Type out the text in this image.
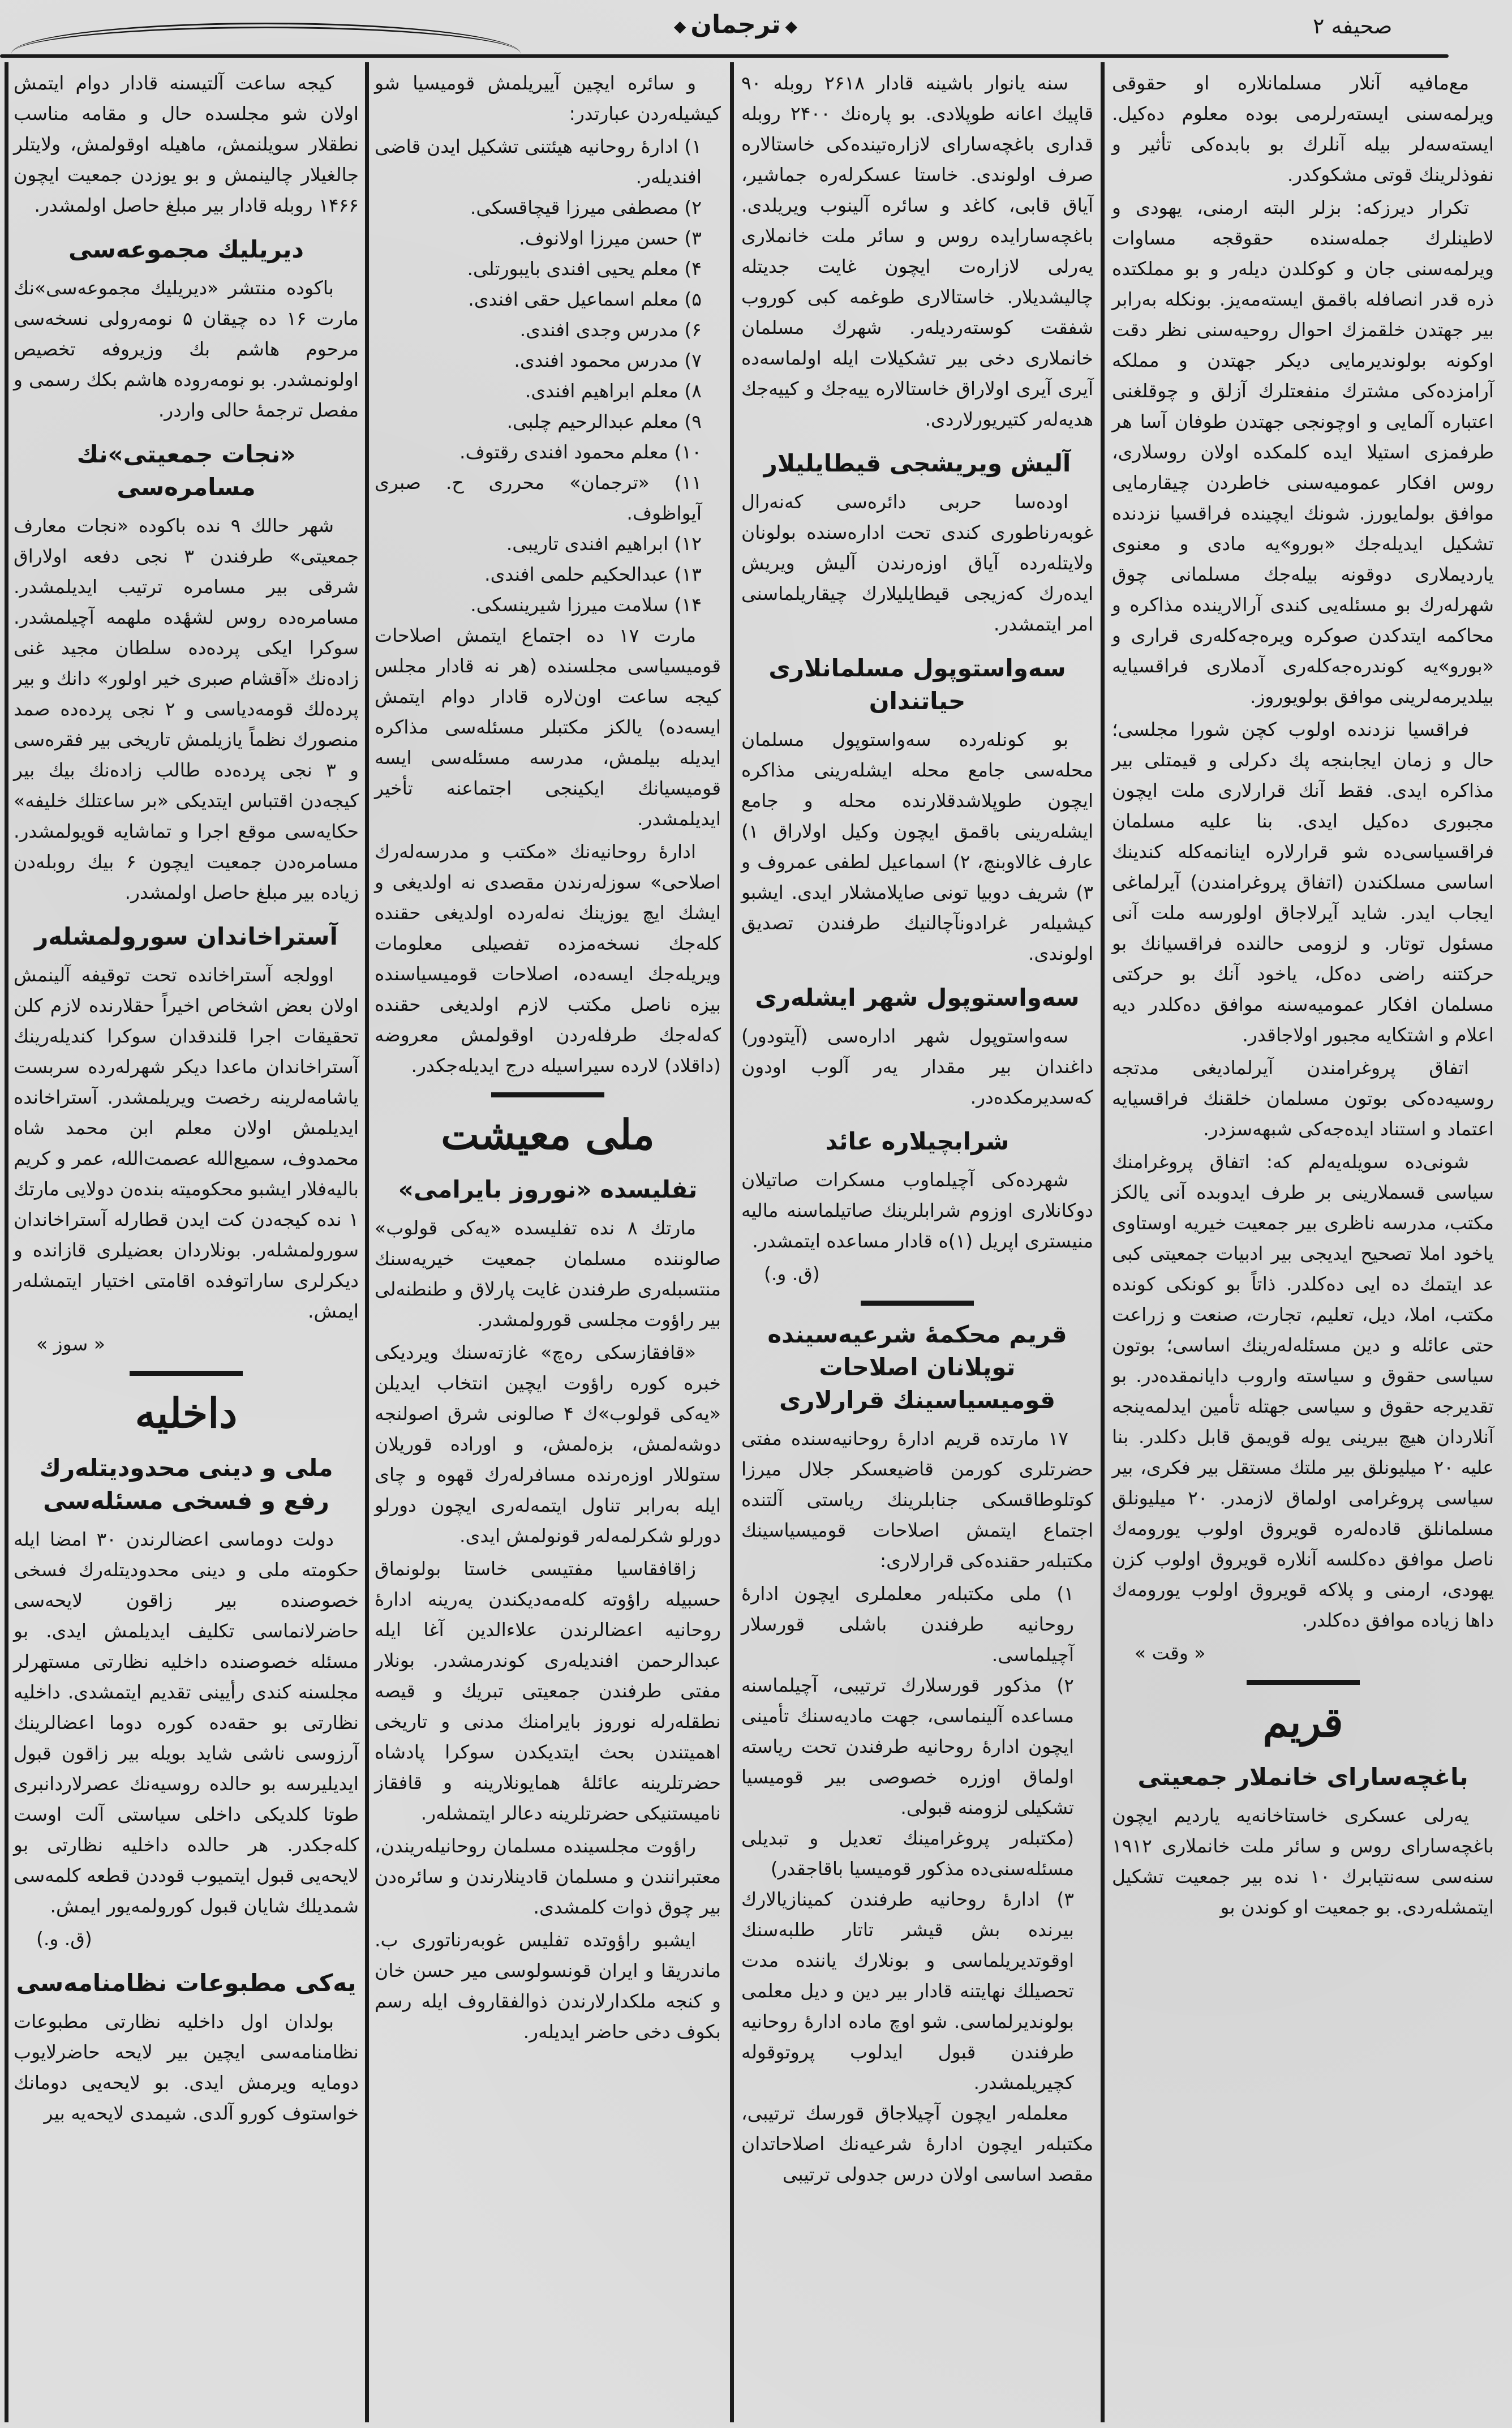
◆ ترجمان ◆	صحیفه ۲
مع‌مافیه آنلار مسلمانلاره او حقوقی ویرلمه‌سنی ایسته‌رلرمی بوده معلوم ده‌کیل. ایسته‌سه‌لر بیله آنلرك بو بابده‌کی تأثیر و نفوذلرینك قوتی مشکوکدر.
تکرار دیرزکه: بزلر البته ارمنی، یهودی و لاطینلرك جمله‌سنده حقوقجه مساوات ویرلمه‌سنی جان و کوکلدن دیلەر و بو مملکتده ذره قدر انصافله باقمق ایسته‌مه‌یز. بونکله بەرابر بیر جهتدن خلقمزك احوال روحیه‌سنی نظر دقت اوکونه بولوندیرمایی دیکر جهتدن و مملکه آرامزده‌کی مشترك منفعتلرك آزلق و چوقلغنی اعتباره آلمایی و اوچونجی جهتدن طوفان آسا هر طرفمزی استیلا ایده کلمکده اولان روسلاری، روس افکار عمومیه‌سنی خاطردن چیقارمایی موافق بولمایورز. شونك ایچینده فراقسیا نزدنده تشکیل ایدیله‌جك «بورو»یه مادی و معنوی یاردیملاری دوقونه بیله‌جك مسلمانی چوق شهرلەرك بو مسئله‌یی کندی آرالارینده مذاکره و محاکمه ایتدکدن صوکره ویره‌جه‌کلەری قراری و «بورو»یه کوندره‌جه‌کلەری آدملاری فراقسیایه بیلدیرمه‌لرینی موافق بولویوروز.
فراقسیا نزدنده اولوب کچن شورا مجلسی؛ حال و زمان ایجابنجه پك دکرلی و قیمتلی بیر مذاکره ایدی. فقط آنك قرارلاری ملت ایچون مجبوری ده‌کیل ایدی. بنا علیه مسلمان فراقسیاسی‌ده شو قرارلاره اینانمه‌کله کندینك اساسی مسلکندن (اتفاق پروغرامندن) آیرلماغی ایجاب ایدر. شاید آیرلاجاق اولورسه ملت آنی مسئول توتار. و لزومی حالنده فراقسیانك بو حرکتنه راضی ده‌کل، یاخود آنك بو حرکتی مسلمان افکار عمومیه‌سنه موافق ده‌کلدر دیه اعلام و اشتکایه مجبور اولاجاقدر.
اتفاق پروغرامندن آیرلمادیغی مدتجه روسیه‌ده‌کی بوتون مسلمان خلقنك فراقسیایه اعتماد و استناد ایده‌جه‌کی شبهه‌سزدر.
شونی‌ده سویله‌یه‌لم که: اتفاق پروغرامنك سیاسی قسملارینی بر طرف ایدوبده آنی یالکز مکتب، مدرسه ناظری بیر جمعیت خیریه اوستاوی یاخود املا تصحیح ایدیجی بیر ادبیات جمعیتی کبی عد ایتمك ده ایی ده‌کلدر. ذاتاً بو کونکی کونده مکتب، املا، دیل، تعلیم، تجارت، صنعت و زراعت حتی عائله و دین مسئله‌لەرینك اساسی؛ بوتون سیاسی حقوق و سیاسته واروب دایانمقده‌در. بو تقدیرجه حقوق و سیاسی جهتله تأمین ایدلمه‌ینجه آنلاردان هیچ بیرینی یوله قویمق قابل دکلدر. بنا علیه ۲۰ میلیونلق بیر ملتك مستقل بیر فکری، بیر سیاسی پروغرامی اولماق لازمدر. ۲۰ میلیونلق مسلمانلق قاده‌لەره قویروق اولوب یورومه‌ك ناصل موافق ده‌کلسه آنلاره قویروق اولوب کزن یهودی، ارمنی و پلاکه قویروق اولوب یورومه‌ك داها زیاده موافق ده‌کلدر.
« وقت »
قریم
باغچه‌سارای خانملار جمعیتی
یه‌رلی عسکری خاستاخانه‌یه یاردیم ایچون باغچه‌سارای روس و سائر ملت خانملاری ۱۹۱۲ سنه‌سی سه‌نتیابرك ۱۰ نده بیر جمعیت تشکیل ایتمشله‌ردی. بو جمعیت او کوندن بو
سنه یانوار باشینه قادار ۲۶۱۸ روبله ۹۰ قاپیك اعانه طوپلادی. بو پاره‌نك ۲۴۰۰ روبله قداری باغچه‌سارای لازارەتینده‌کی خاستالاره صرف اولوندی. خاستا عسکرله‌ره جماشیر، آیاق قابی، کاغد و سائره آلینوب ویریلدی. باغچه‌سارایده روس و سائر ملت خانملاری یه‌رلی لازارەت ایچون غایت جدیتله چالیشدیلار. خاستالاری طوغمه کبی کوروب شفقت کوسته‌ردیلەر. شهرك مسلمان خانملاری دخی بیر تشکیلات ایله اولماسه‌ده آیری آیری اولاراق خاستالاره ییه‌جك و کییه‌جك هدیه‌لەر کتیریورلاردی.
آلیش ویریشجی قیطایلیلار
اوده‌سا حربی دائره‌سی که‌نه‌رال غوبه‌رناطوری کندی تحت اداره‌سنده بولونان ولایتله‌رده آیاق اوزه‌رندن آلیش ویریش ایده‌رك که‌زیجی قیطایلیلارك چیقاریلماسنی امر ایتمشدر.
سه‌واستوپول مسلمانلاری حیاتندان
بو کونله‌رده سه‌واستوپول مسلمان محله‌سی جامع محله ایشله‌رینی مذاکره ایچون طوپلاشدقلارنده محله و جامع ایشله‌رینی باقمق ایچون وکیل اولاراق ۱) عارف غالاوبنچ، ۲) اسماعیل لطفی عمروف و ۳) شریف دوبیا تونی صایلامشلار ایدی. ایشبو کیشیله‌ر غرادونآچالنیك طرفندن تصدیق اولوندی.
سه‌واستوپول شهر ایشله‌ری
سه‌واستوپول شهر اداره‌سی (آیتودور) داغندان بیر مقدار یه‌ر آلوب اودون که‌سدیرمکده‌در.
شرابچیلاره عائد
شهرده‌کی آچیلماوب مسکرات صاتیلان دوکانلاری اوزوم شرابلرینك صاتیلماسنه مالیه منیستری اپریل (۱)ه قادار مساعده ایتمشدر.
(ق. و.)
قریم محکمهٔ شرعیه‌سینده توپلانان اصلاحات قومیسیاسینك قرارلاری
۱۷ مارتده قریم ادارهٔ روحانیه‌سنده مفتی حضرتلری کورمن قاضیعسکر جلال میرزا کوتلوطاقسکی جنابلرینك ریاستی آلتنده اجتماع ایتمش اصلاحات قومیسیاسینك مکتبله‌ر حقنده‌کی قرارلاری:
۱) ملی مکتبله‌ر معلملری ایچون ادارهٔ روحانیه طرفندن باشلی قورسلار آچیلماسی.
۲) مذکور قورسلارك ترتیبی، آچیلماسنه مساعده آلینماسی، جهت مادیه‌سنك تأمینی ایچون ادارهٔ روحانیه طرفندن تحت ریاسته اولماق اوزره خصوصی بیر قومیسیا تشکیلی لزومنه قبولی.
(مکتبله‌ر پروغرامینك تعدیل و تبدیلی مسئله‌سنی‌ده مذکور قومیسیا باقاجقدر)
۳) ادارهٔ روحانیه طرفندن کمینازیالارك بیرنده بش قیشر تاتار طلبه‌سنك اوقوتدیریلماسی و بونلارك یاننده مدت تحصیلك نهایتنه قادار بیر دین و دیل معلمی بولوندیرلماسی. شو اوچ ماده ادارهٔ روحانیه طرفندن قبول ایدلوب پروتوقوله کچیریلمشدر.
معلمله‌ر ایچون آچیلاجاق قورسك ترتیبی، مکتبله‌ر ایچون ادارهٔ شرعیه‌نك اصلاحاتدان مقصد اساسی اولان درس جدولی ترتیبی
و سائره ایچین آییریلمش قومیسیا شو کیشیله‌ردن عبارتدر:
۱) ادارهٔ روحانیه هیئتنی تشکیل ایدن قاضی افندیله‌ر.
۲) مصطفی میرزا قیچاقسکی.
۳) حسن میرزا اولانوف.
۴) معلم یحیی افندی بایبورتلی.
۵) معلم اسماعیل حقی افندی.
۶) مدرس وجدی افندی.
۷) مدرس محمود افندی.
۸) معلم ابراهیم افندی.
۹) معلم عبدالرحیم چلبی.
۱۰) معلم محمود افندی رقتوف.
۱۱) «ترجمان» محرری ح. صبری آیواظوف.
۱۲) ابراهیم افندی تاریبی.
۱۳) عبدالحکیم حلمی افندی.
۱۴) سلامت میرزا شیرینسکی.
مارت ۱۷ ده اجتماع ایتمش اصلاحات قومیسیاسی مجلسنده (هر نه قادار مجلس کیجه ساعت اون‌لاره قادار دوام ایتمش ایسه‌ده) یالکز مکتبلر مسئله‌سی مذاکره ایدیله بیلمش، مدرسه مسئله‌سی ایسه قومیسیانك ایکینجی اجتماعنه تأخیر ایدیلمشدر.
ادارهٔ روحانیه‌نك «مکتب و مدرسه‌لەرك اصلاحی» سوزله‌رندن مقصدی نه اولدیغی و ایشك ایچ یوزینك نه‌له‌رده اولدیغی حقنده کله‌جك نسخه‌مزده تفصیلی معلومات ویریله‌جك ایسه‌ده، اصلاحات قومیسیاسنده بیزه ناصل مکتب لازم اولدیغی حقنده که‌له‌جك طرفله‌ردن اوقولمش معروضه (داقلاد) لارده سیراسیله درج ایدیله‌جکدر.
ملی معیشت
تفلیسده «نوروز بایرامی»
مارتك ۸ نده تفلیسده «یه‌کی قولوب» صالوننده مسلمان جمعیت خیریه‌سنك منتسبله‌ری طرفندن غایت پارلاق و طنطنه‌لی بیر راؤوت مجلسی قورولمشدر.
«قافقازسکی ره‌چ» غازته‌سنك ویردیکی خبره کوره راؤوت ایچین انتخاب ایدیلن «یه‌کی قولوب»ك ۴ صالونی شرق اصولنجه دوشه‌لمش، بزه‌لمش، و اوراده قوریلان ستوللار اوزه‌رنده مسافرله‌رك قهوه و چای ایله بەرابر تناول ایتمه‌له‌ری ایچون دورلو دورلو شکرلمه‌له‌ر قونولمش ایدی.
زاقافقاسیا مفتیسی خاستا بولونماق حسبیله راؤوته کله‌مه‌دیکندن یه‌رینه ادارهٔ روحانیه اعضالرندن علاءالدین آغا ایله عبدالرحمن افندیله‌ری کوندرمشدر. بونلار مفتی طرفندن جمعیتی تبریك و قیصه نطقله‌رله نوروز بایرامنك مدنی و تاریخی اهمیتندن بحث ایتدیکدن سوکرا پادشاه حضرتلرینه عائلهٔ همایونلارینه و قافقاز نامیستنیکی حضرتلرینه دعالر ایتمشله‌ر.
راؤوت مجلسینده مسلمان روحانیله‌ریندن، معتبرانندن و مسلمان قادینلارندن و سائره‌دن بیر چوق ذوات کلمشدی.
ایشبو راؤوتده تفلیس غوبه‌رناتوری ب. ماندریقا و ایران قونسولوسی میر حسن خان و کنجه ملکدارلارندن ذوالفقاروف ایله رسم بکوف دخی حاضر ایدیله‌ر.
کیجه ساعت آلتیسنه قادار دوام ایتمش اولان شو مجلسده حال و مقامه مناسب نطقلار سویلنمش، ماهیله اوقولمش، ولایتلر جالغیلار چالینمش و بو یوزدن جمعیت ایچون ۱۴۶۶ روبله قادار بیر مبلغ حاصل اولمشدر.
دیریلیك مجموعه‌سی
باکوده منتشر «دیریلیك مجموعه‌سی»نك مارت ۱۶ ده چیقان ۵ نومه‌رولی نسخه‌سی مرحوم هاشم بك وزیروفه تخصیص اولونمشدر. بو نومه‌روده هاشم بکك رسمی و مفصل ترجمهٔ حالی واردر.
«نجات جمعیتی»نك مسامره‌سی
شهر حالك ۹ نده باکوده «نجات معارف جمعیتی» طرفندن ۳ نجی دفعه اولاراق شرقی بیر مسامره ترتیب ایدیلمشدر. مسامره‌ده روس لشهٔده ملهمه آچیلمشدر. سوکرا ایکی پرده‌ده سلطان مجید غنی زاده‌نك «آقشام صبری خیر اولور» دانك و بیر پرده‌لك قومه‌دیاسی و ۲ نجی پرده‌ده صمد منصورك نظماً یازیلمش تاریخی بیر فقره‌سی و ۳ نجی پرده‌ده طالب زاده‌نك بیك بیر کیجه‌دن اقتباس ایتدیکی «بر ساعتلك خلیفه» حکایه‌سی موقع اجرا و تماشایه قویولمشدر. مسامره‌دن جمعیت ایچون ۶ بیك روبله‌دن زیاده بیر مبلغ حاصل اولمشدر.
آستراخاندان سورولمشله‌ر
اوولجه آستراخانده تحت توقیفه آلینمش اولان بعض اشخاص اخیراً حقلارنده لازم کلن تحقیقات اجرا قلندقدان سوکرا کندیله‌رینك آستراخاندان ماعدا دیکر شهرله‌رده سربست یاشامه‌لرینه رخصت ویریلمشدر. آستراخانده ایدیلمش اولان معلم ابن محمد شاه محمدوف، سمیع‌الله عصمت‌الله، عمر و کریم بالیه‌فلار ایشبو محکومیته بنده‌ن دولایی مارتك ۱ نده کیجه‌دن کت ایدن قطارله آستراخاندان سورولمشله‌ر. بونلاردان بعضیلری قازانده و دیکرلری ساراتوفده اقامتی اختیار ایتمشله‌ر ایمش.
« سوز »
داخلیه
ملی و دینی محدودیتله‌رك رفع و فسخی مسئله‌سی
دولت دوماسی اعضالرندن ۳۰ امضا ایله حکومته ملی و دینی محدودیتله‌رك فسخی خصوصنده بیر زاقون لایحه‌سی حاضرلانماسی تکلیف ایدیلمش ایدی. بو مسئله خصوصنده داخلیه نظارتی مستهرلر مجلسنه کندی رأیینی تقدیم ایتمشدی. داخلیه نظارتی بو حقه‌ده کوره دوما اعضالرینك آرزوسی ناشی شاید بویله بیر زاقون قبول ایدیلیرسه بو حالده روسیه‌نك عصرلاردانبری طوتا کلدیکی داخلی سیاستی آلت اوست کله‌جکدر. هر حالده داخلیه نظارتی بو لایحه‌یی قبول ایتمیوب قوددن قطعه کلمه‌سی شمدیلك شایان قبول کورولمه‌یور ایمش.
(ق. و.)
یه‌کی مطبوعات نظامنامه‌سی
بولدان اول داخلیه نظارتی مطبوعات نظامنامه‌سی ایچین بیر لایحه حاضرلایوب دومایه ویرمش ایدی. بو لایحه‌یی دومانك خواستوف کورو آلدی. شیمدی لایحه‌یه بیر
